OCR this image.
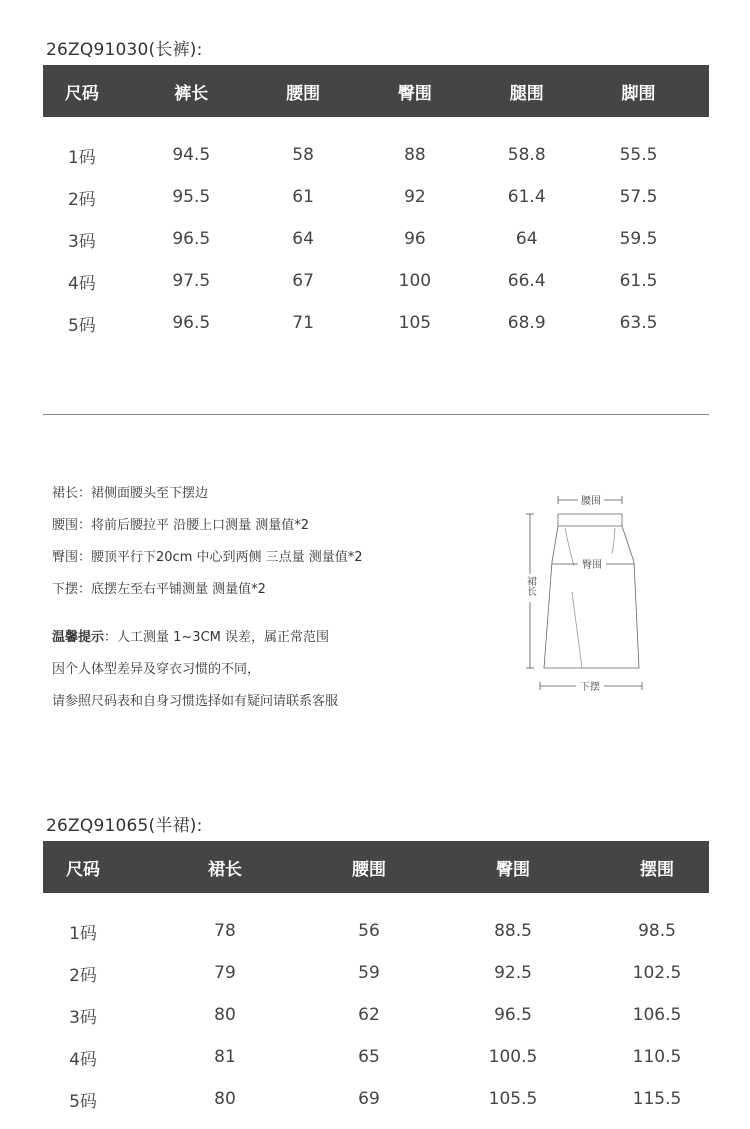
26ZQ91030(长裤):
尺码	裤长	腰围	臀围	腿围	脚围
1码	94.5	58	88	58.8	55.5
2码	95.5	61	92	61.4	57.5
3码	96.5	64	96	64	59.5
4码	97.5	67	100	66.4	61.5
5码	96.5	71	105	68.9	63.5
裙长：裙侧面腰头至下摆边
腰围：将前后腰拉平 沿腰上口测量 测量值*2
臀围：腰顶平行下20cm 中心到两侧 三点量 测量值*2
下摆：底摆左至右平铺测量 测量值*2
温馨提示：人工测量 1~3CM 误差，属正常范围
因个人体型差异及穿衣习惯的不同，
请参照尺码表和自身习惯选择如有疑问请联系客服
腰围
臀围
裙长
下摆
26ZQ91065(半裙):
尺码	裙长	腰围	臀围	摆围
1码	78	56	88.5	98.5
2码	79	59	92.5	102.5
3码	80	62	96.5	106.5
4码	81	65	100.5	110.5
5码	80	69	105.5	115.5
